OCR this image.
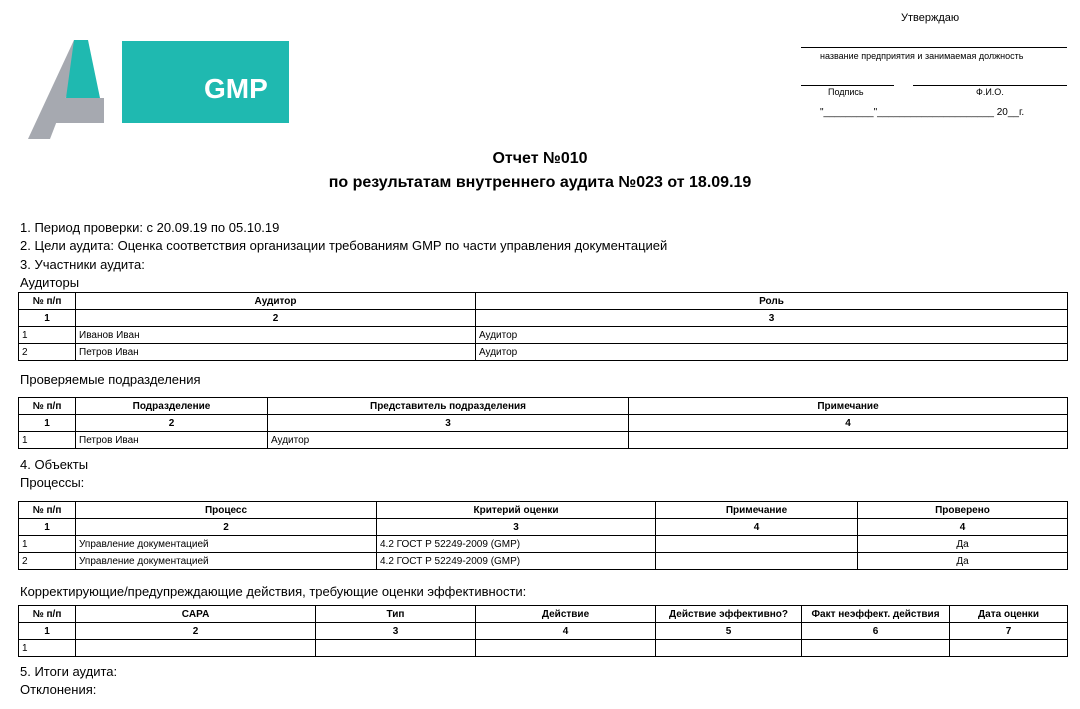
GMP
Утверждаю
название предприятия и занимаемая должность
Подпись	Ф.И.О.
"_________"_____________________ 20__г.
Отчет №010
по результатам внутреннего аудита №023 от 18.09.19
1. Период проверки: с 20.09.19 по 05.10.19
2. Цели аудита: Оценка соответствия организации требованиям GMP по части управления документацией
3. Участники аудита:
Аудиторы
№ п/п	Аудитор	Роль
1	2	3
1	Иванов Иван	Аудитор
2	Петров Иван	Аудитор
Проверяемые подразделения
№ п/п	Подразделение	Представитель подразделения	Примечание
1	2	3	4
1	Петров Иван	Аудитор	
4. Объекты
Процессы:
№ п/п	Процесс	Критерий оценки	Примечание	Проверено
1	2	3	4	4
1	Управление документацией	4.2 ГОСТ Р 52249-2009 (GMP)		Да
2	Управление документацией	4.2 ГОСТ Р 52249-2009 (GMP)		Да
Корректирующие/предупреждающие действия, требующие оценки эффективности:
№ п/п	CAPA	Тип	Действие	Действие эффективно?	Факт неэффект. действия	Дата оценки
1	2	3	4	5	6	7
1						
5. Итоги аудита:
Отклонения:
